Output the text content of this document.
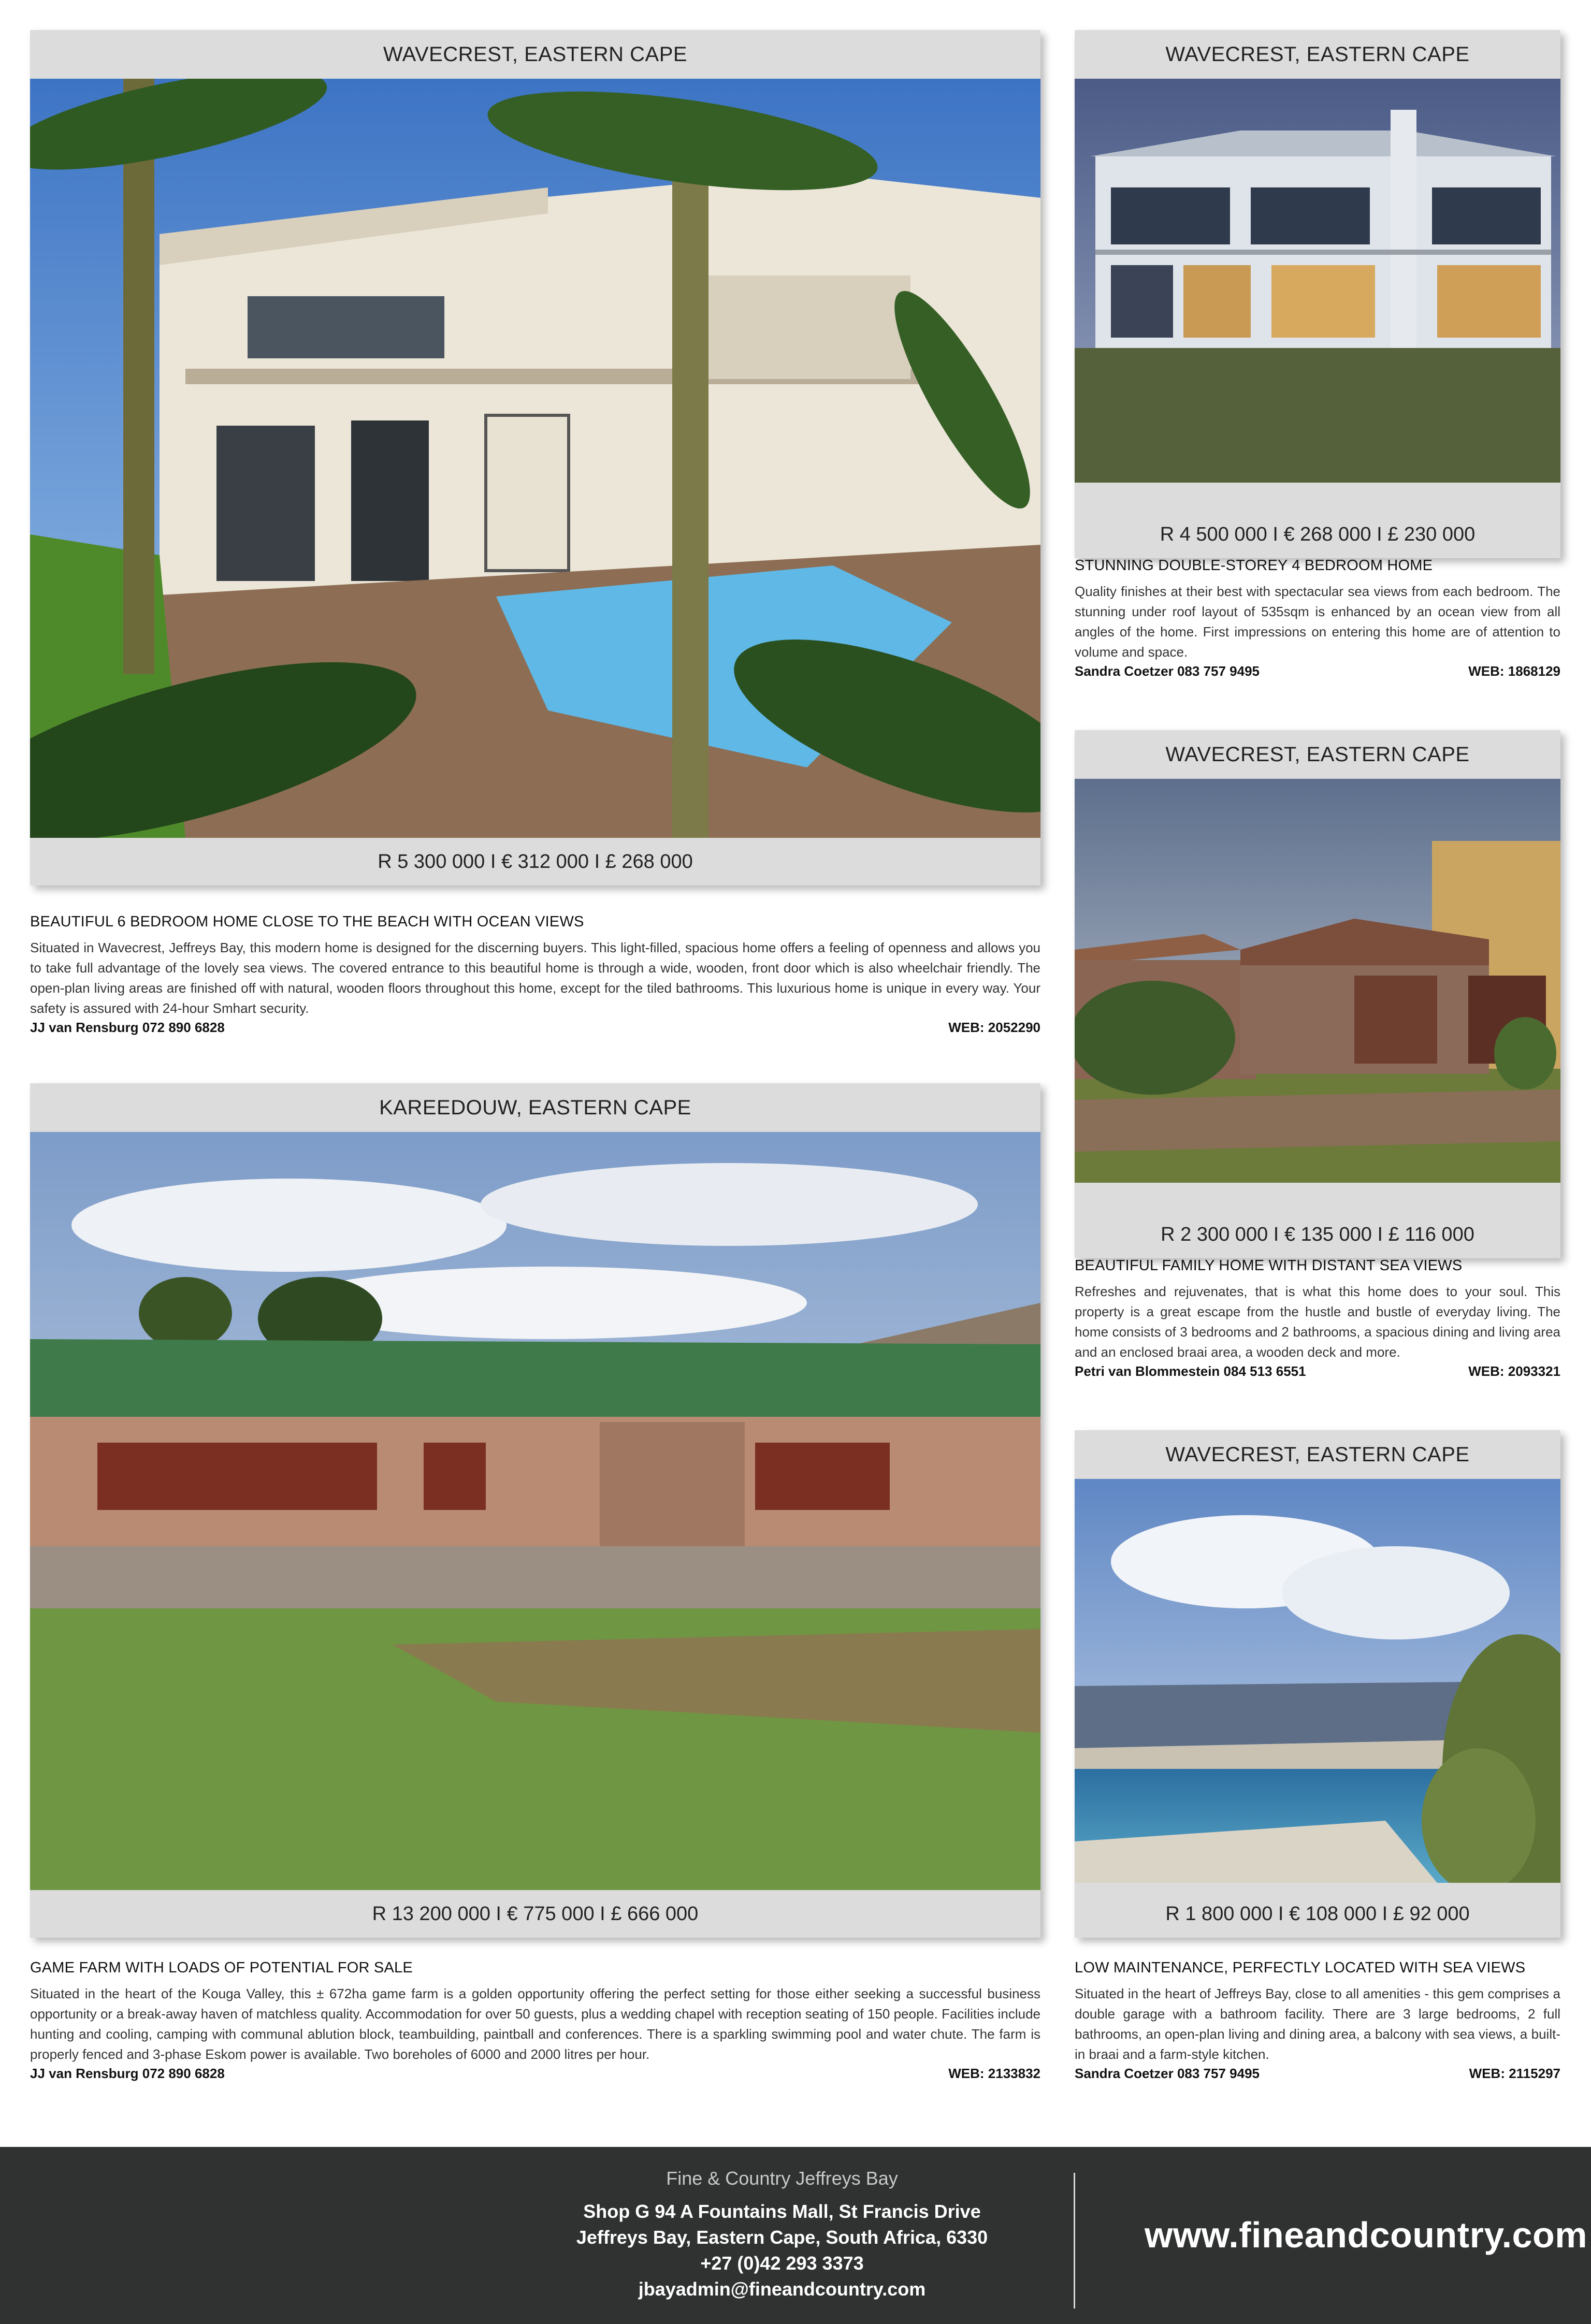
WAVECREST, EASTERN CAPE
R 5 300 000 I € 312 000 I £ 268 000
BEAUTIFUL 6 BEDROOM HOME CLOSE TO THE BEACH WITH OCEAN VIEWS
Situated in Wavecrest, Jeffreys Bay, this modern home is designed for the discerning buyers. This light-filled, spacious home offers a feeling of openness and allows you to take full advantage of the lovely sea views. The covered entrance to this beautiful home is through a wide, wooden, front door which is also wheelchair friendly. The open-plan living areas are finished off with natural, wooden floors throughout this home, except for the tiled bathrooms. This luxurious home is unique in every way. Your safety is assured with 24-hour Smhart security.
JJ van Rensburg 072 890 6828	WEB: 2052290
WAVECREST, EASTERN CAPE
R 4 500 000 I € 268 000 I £ 230 000
STUNNING DOUBLE-STOREY 4 BEDROOM HOME
Quality finishes at their best with spectacular sea views from each bedroom. The stunning under roof layout of 535sqm is enhanced by an ocean view from all angles of the home. First impressions on entering this home are of attention to volume and space.
Sandra Coetzer 083 757 9495	WEB: 1868129
WAVECREST, EASTERN CAPE
R 2 300 000 I € 135 000 I £ 116 000
BEAUTIFUL FAMILY HOME WITH DISTANT SEA VIEWS
Refreshes and rejuvenates, that is what this home does to your soul. This property is a great escape from the hustle and bustle of everyday living. The home consists of 3 bedrooms and 2 bathrooms, a spacious dining and living area and an enclosed braai area, a wooden deck and more.
Petri van Blommestein 084 513 6551	WEB: 2093321
KAREEDOUW, EASTERN CAPE
R 13 200 000 I € 775 000 I £ 666 000
GAME FARM WITH LOADS OF POTENTIAL FOR SALE
Situated in the heart of the Kouga Valley, this ± 672ha game farm is a golden opportunity offering the perfect setting for those either seeking a successful business opportunity or a break-away haven of matchless quality. Accommodation for over 50 guests, plus a wedding chapel with reception seating of 150 people. Facilities include hunting and cooling, camping with communal ablution block, teambuilding, paintball and conferences. There is a sparkling swimming pool and water chute. The farm is properly fenced and 3-phase Eskom power is available. Two boreholes of 6000 and 2000 litres per hour.
JJ van Rensburg 072 890 6828	WEB: 2133832
WAVECREST, EASTERN CAPE
R 1 800 000 I € 108 000 I £ 92 000
LOW MAINTENANCE, PERFECTLY LOCATED WITH SEA VIEWS
Situated in the heart of Jeffreys Bay, close to all amenities - this gem comprises a double garage with a bathroom facility. There are 3 large bedrooms, 2 full bathrooms, an open-plan living and dining area, a balcony with sea views, a built-in braai and a farm-style kitchen.
Sandra Coetzer 083 757 9495	WEB: 2115297
Fine & Country Jeffreys Bay
Shop G 94 A Fountains Mall, St Francis Drive
Jeffreys Bay, Eastern Cape, South Africa, 6330
+27 (0)42 293 3373
jbayadmin@fineandcountry.com
www.fineandcountry.com
